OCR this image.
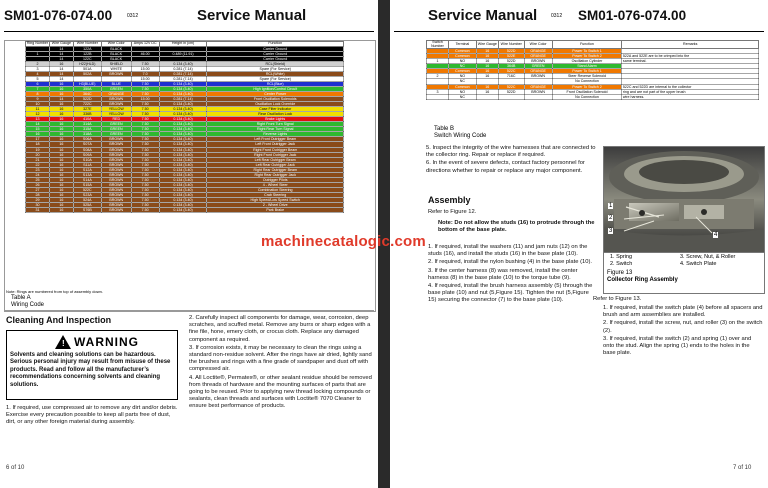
SM01-076-074.00	0312	Service Manual
Ring Number	Wire Gauge	Wire Number	Wire Color	Amps 12V DC	Height in (cm)	Function
	14	122A	BLACK			Carrier Ground
1	14	122B	BLACK	46.00	0.489 (11.91)	Carrier Ground
	14	122C	BLACK			Carrier Ground
2	16	H22(HLD)	SHIELD	7.50	0.134 (3.40)	RCL(Shield)
3	14	501A	WHITE	15.00	0.281 (7.14)	Spare (For Service)
4	14	502A	BROWN	7.0	0.281 (7.14)	RCL(White)
5	14			15.00	0.281 (7.14)	Spare (For Service)
6	16	H3(BLUE)	BLUE	7.50	0.134 (3.40)	RCL(Blue)
7	16	350A	GREEN	7.50	0.134 (3.40)	High Ignition/Control Circuit
8	16	364C	ORANGE	7.50	0.134 (3.40)	Center Power
9	14	522D	BROWN	15.00	0.281 (7.14)	Front Oscillation Solenoids
10	16	722C	BROWN	7.50	0.134 (3.40)	Oscillation Lock Override
11	16	327E	YELLOW	7.50	0.134 (3.40)	Case Filter Indicator
12	16	336B	YELLOW	7.50	0.134 (3.40)	Rear Oscillation Lock
13	16	410A	RED	7.50	0.134 (3.40)	Brake Lights
14	16	314A	GREEN	7.50	0.134 (3.40)	Right Front Turn Signal
15	16	315A	GREEN	7.50	0.134 (3.40)	Right Rear Turn Signal
16	16	318A	GREEN	7.50	0.134 (3.40)	Reverse Lights
17	16	S06A	BROWN	7.50	0.134 (3.40)	Left Front Outrigger Beam
18	16	S07A	BROWN	7.50	0.134 (3.40)	Left Front Outrigger Jack
19	16	S08A	BROWN	7.50	0.134 (3.40)	Right Front Outrigger Beam
20	16	S09A	BROWN	7.50	0.134 (3.40)	Right Front Outrigger Jack
21	16	S10A	BROWN	7.50	0.134 (3.40)	Left Rear Outrigger Beam
22	16	S11A	BROWN	7.50	0.134 (3.40)	Left Rear Outrigger Jack
23	16	S12A	BROWN	7.50	0.134 (3.40)	Right Rear Outrigger Beam
24	16	S13A	BROWN	7.50	0.134 (3.40)	Right Rear Outrigger Jack
25	16	S14A	BROWN	7.50	0.134 (3.40)	Outrigger Pilots
26	16	S15A	BROWN	7.50	0.134 (3.40)	4 - Wheel Steer
27	16	522C	BROWN	7.50	0.134 (3.40)	Combination Steering
28	16	S23A	BROWN	7.50	0.134 (3.40)	Crab Steering
29	16	524A	BROWN	7.50	0.134 (3.40)	High Speed/Low Speed Switch
30	16	525A	BROWN	7.50	0.134 (3.40)	2 - Wheel Drive
31	16	S76B	BROWN	7.50	0.134 (3.40)	Park Brake
Note: Rings are numbered from top of assembly down.
Table A
Wiring Code
Cleaning And Inspection
! WARNING
Solvents and cleaning solutions can be hazardous. Serious personal injury may result from misuse of these products. Read and follow all the manufacturer’s recommendations concerning solvents and cleaning solutions.
1. If required, use compressed air to remove any dirt and/or debris. Exercise every precaution possible to keep all parts free of dust, dirt, or any other foreign material during assembly.

2. Carefully inspect all components for damage, wear, corrosion, deep scratches, and scuffed metal. Remove any burrs or sharp edges with a fine file, hone, emery cloth, or crocus cloth. Replace any damaged component as required.

3. If corrosion exists, it may be necessary to clean the rings using a standard non-residue solvent. After the rings have air dried, lightly sand the brushes and rings with a fine grade of sandpaper and dust off with compressed air.

4. All Loctite®, Permatex®, or other sealant residue should be removed from threads of hardware and the mounting surfaces of parts that are going to be reused. Prior to applying new thread locking compounds or sealants, clean threads and surfaces with Loctite® 7070 Cleaner to ensure best performance of products.

6 of 10
Service Manual	0312 SM01-076-074.00
Switch Number	Terminal	Wire Gauge	Wire Number	Wire Color	Function	Remarks
	Common	16	522D	ORANGE	Power To Switch 1	
	Common	16	522E	ORANGE	Power To Switch 2	522A and 522E are to be crimped into the
1	NO	16	522D	BROWN	Oscillation Cylinder	same terminal.
	NC	16	364B	GREEN	Stand Alarm	
	Common	16	522C	ORANGE	Power To Switch 1	
2	NO	16	716C	BROWN	Steer Reverse Solenoid	
	NC				No Connection	
	Common	16	522C	ORANGE	Power To Switch 2	522C and 522D are internal to the collector
3	NO	16	522D	BROWN	Front Oscillation Solenoid	ring and are not part of the upper brush
	NC				No Connection	wire harness.
Table B
Switch Wiring Code

5. Inspect the integrity of the wire harnesses that are connected to the collector ring. Repair or replace if required.

6. In the event of severe defects, contact factory personnel for directions whether to repair or replace any major component.

Assembly
Refer to Figure 12.
Note: Do not allow the studs (16) to protrude through the bottom of the base plate.

1. If required, install the washers (11) and jam nuts (12) on the studs (16), and install the studs (16) in the base plate (10).

2. If required, install the nylon bushing (4) in the base plate (10).

3. If the center harness (8) was removed, install the center harness (8) in the base plate (10) to the torque tube (9).

4. If required, install the brush harness assembly (5) through the base plate (10) and nut (5,Figure 15). Tighten the nut (5,Figure 15) securing the connector (7) to the base plate (10).

1
2
3
4
1. Spring
2. Switch
3. Screw, Nut, & Roller
4. Switch Plate
Figure 13
Collector Ring Assembly
Refer to Figure 13.

1. If required, install the switch plate (4) before all spacers and brush and arm assemblies are installed.

2. If required, install the screw, nut, and roller (3) on the switch (2).

3. If required, install the switch (2) and spring (1) over and onto the stud. Align the spring (1) ends to the holes in the base plate.

7 of 10
machinecatalogic.com
